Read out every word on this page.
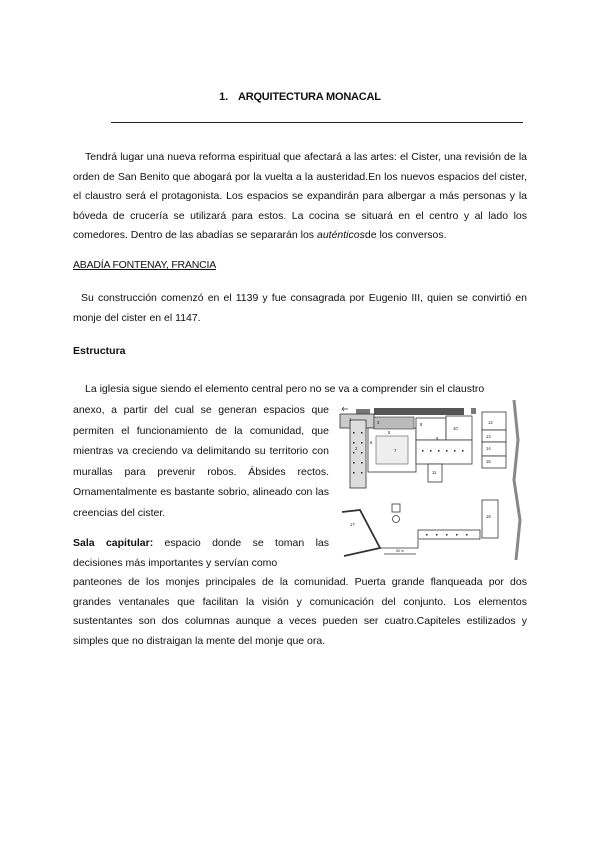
1. ARQUITECTURA MONACAL

Tendrá lugar una nueva reforma espiritual que afectará a las artes: el Cister, una revisión de la orden de San Benito que abogará por la vuelta a la austeridad.En los nuevos espacios del cister, el claustro será el protagonista. Los espacios se expandirán para albergar a más personas y la bóveda de crucería se utilizará para estos. La cocina se situará en el centro y al lado los comedores. Dentro de las abadías se separarán los auténticosde los conversos.

ABADÍA FONTENAY, FRANCIA

Su construcción comenzó en el 1139 y fue consagrada por Eugenio III, quien se convirtió en monje del cister en el 1147.

Estructura

La iglesia sigue siendo el elemento central pero no se va a comprender sin el claustro

anexo, a partir del cual se generan espacios que permiten el funcionamiento de la comunidad, que mientras va creciendo va delimitando su territorio con murallas para prevenir robos. Ábsides rectos. Ornamentalmente es bastante sobrio, alineado con las creencias del cister.

Sala capitular: espacio donde se toman las decisiones más importantes y servían como

panteones de los monjes principales de la comunidad. Puerta grande flanqueada por dos grandes ventanales que facilitan la visión y comunicación del conjunto. Los elementos sustentantes son dos columnas aunque a veces pueden ser cuatro.Capiteles estilizados y simples que no distraigan la mente del monje que ora.

1
2
3
5
6
7
8
9
10
11
12
13
14
15
16
17
50 m
